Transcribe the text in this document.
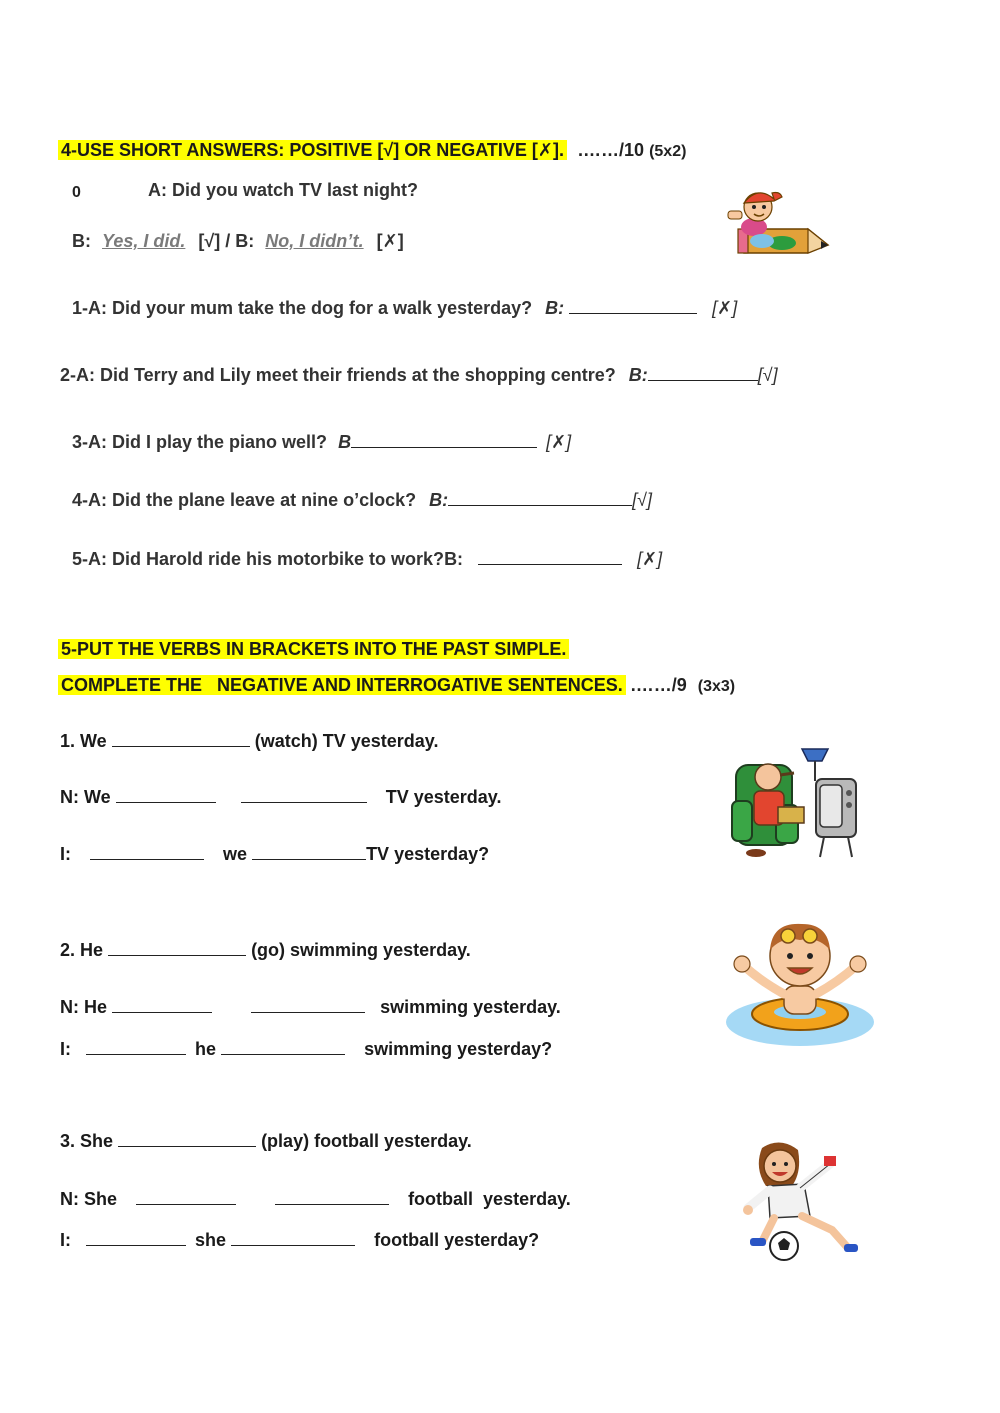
4-USE SHORT ANSWERS: POSITIVE [√] OR NEGATIVE [✗]. .……/10 (5x2)
0	A: Did you watch TV last night?
B: Yes, I did. [√] / B: No, I didn’t. [✗]
1-A: Did your mum take the dog for a walk yesterday? B:	[✗]
2-A: Did Terry and Lily meet their friends at the shopping centre? B:	[√]
3-A: Did I play the piano well? B	[✗]
4-A: Did the plane leave at nine o’clock? B:	[√]
5-A: Did Harold ride his motorbike to work?B:	[✗]
5-PUT THE VERBS IN BRACKETS INTO THE PAST SIMPLE.
COMPLETE THE   NEGATIVE AND INTERROGATIVE SENTENCES. .……/9 (3x3)
1. We	(watch) TV yesterday.
N: We	TV yesterday.
I:	we	TV yesterday?
2. He	(go) swimming yesterday.
N: He	swimming yesterday.
I:	he	swimming yesterday?
3. She	(play) football yesterday.
N: She	football  yesterday.
I:	she	football yesterday?
